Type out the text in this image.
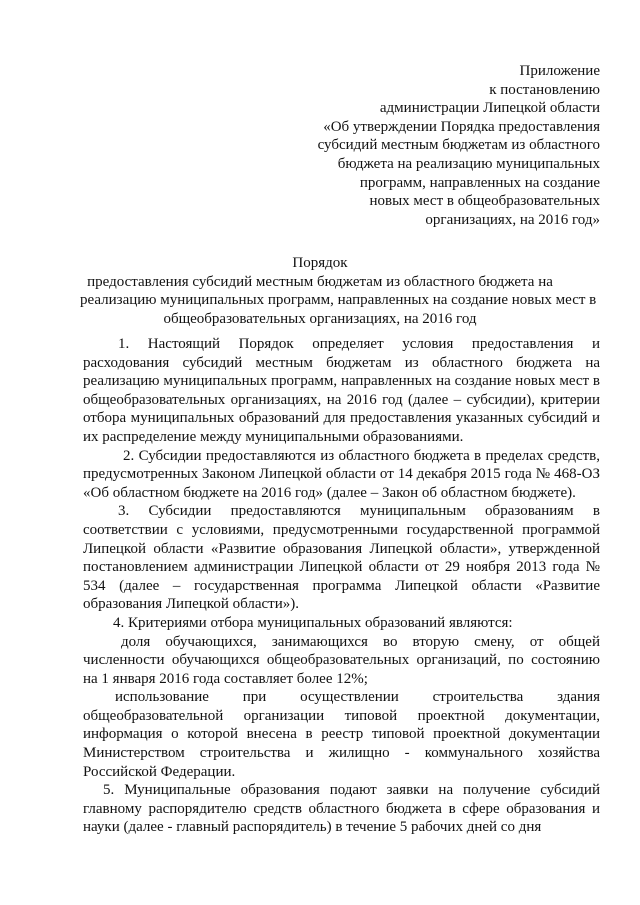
Приложение
к постановлению
администрации Липецкой области
«Об утверждении Порядка предоставления
субсидий местным бюджетам из областного
бюджета на реализацию муниципальных
программ, направленных на создание
новых мест в общеобразовательных
организациях, на 2016 год»
Порядок
предоставления субсидий местным бюджетам из областного бюджета на
реализацию муниципальных программ, направленных на создание новых мест в
общеобразовательных организациях, на 2016 год

1. Настоящий Порядок определяет условия предоставления и расходования субсидий местным бюджетам из областного бюджета на реализацию муниципальных программ, направленных на создание новых мест в общеобразовательных организациях, на 2016 год (далее – субсидии), критерии отбора муниципальных образований для предоставления указанных субсидий и их распределение между муниципальными образованиями.

2. Субсидии предоставляются из областного бюджета в пределах средств, предусмотренных Законом Липецкой области от 14 декабря 2015 года № 468-ОЗ «Об областном бюджете на 2016 год» (далее – Закон об областном бюджете).

3. Субсидии предоставляются муниципальным образованиям в соответствии с условиями, предусмотренными государственной программой Липецкой области «Развитие образования Липецкой области», утвержденной постановлением администрации Липецкой области от 29 ноября 2013 года № 534 (далее – государственная программа Липецкой области «Развитие образования Липецкой области»).

4. Критериями отбора муниципальных образований являются:

доля обучающихся, занимающихся во вторую смену, от общей численности обучающихся общеобразовательных организаций, по состоянию на 1 января 2016 года составляет более 12%;

использование при осуществлении строительства здания общеобразовательной организации типовой проектной документации, информация о которой внесена в реестр типовой проектной документации Министерством строительства и жилищно - коммунального хозяйства Российской Федерации.

5. Муниципальные образования подают заявки на получение субсидий главному распорядителю средств областного бюджета в сфере образования и науки (далее - главный распорядитель) в течение 5 рабочих дней со дня
